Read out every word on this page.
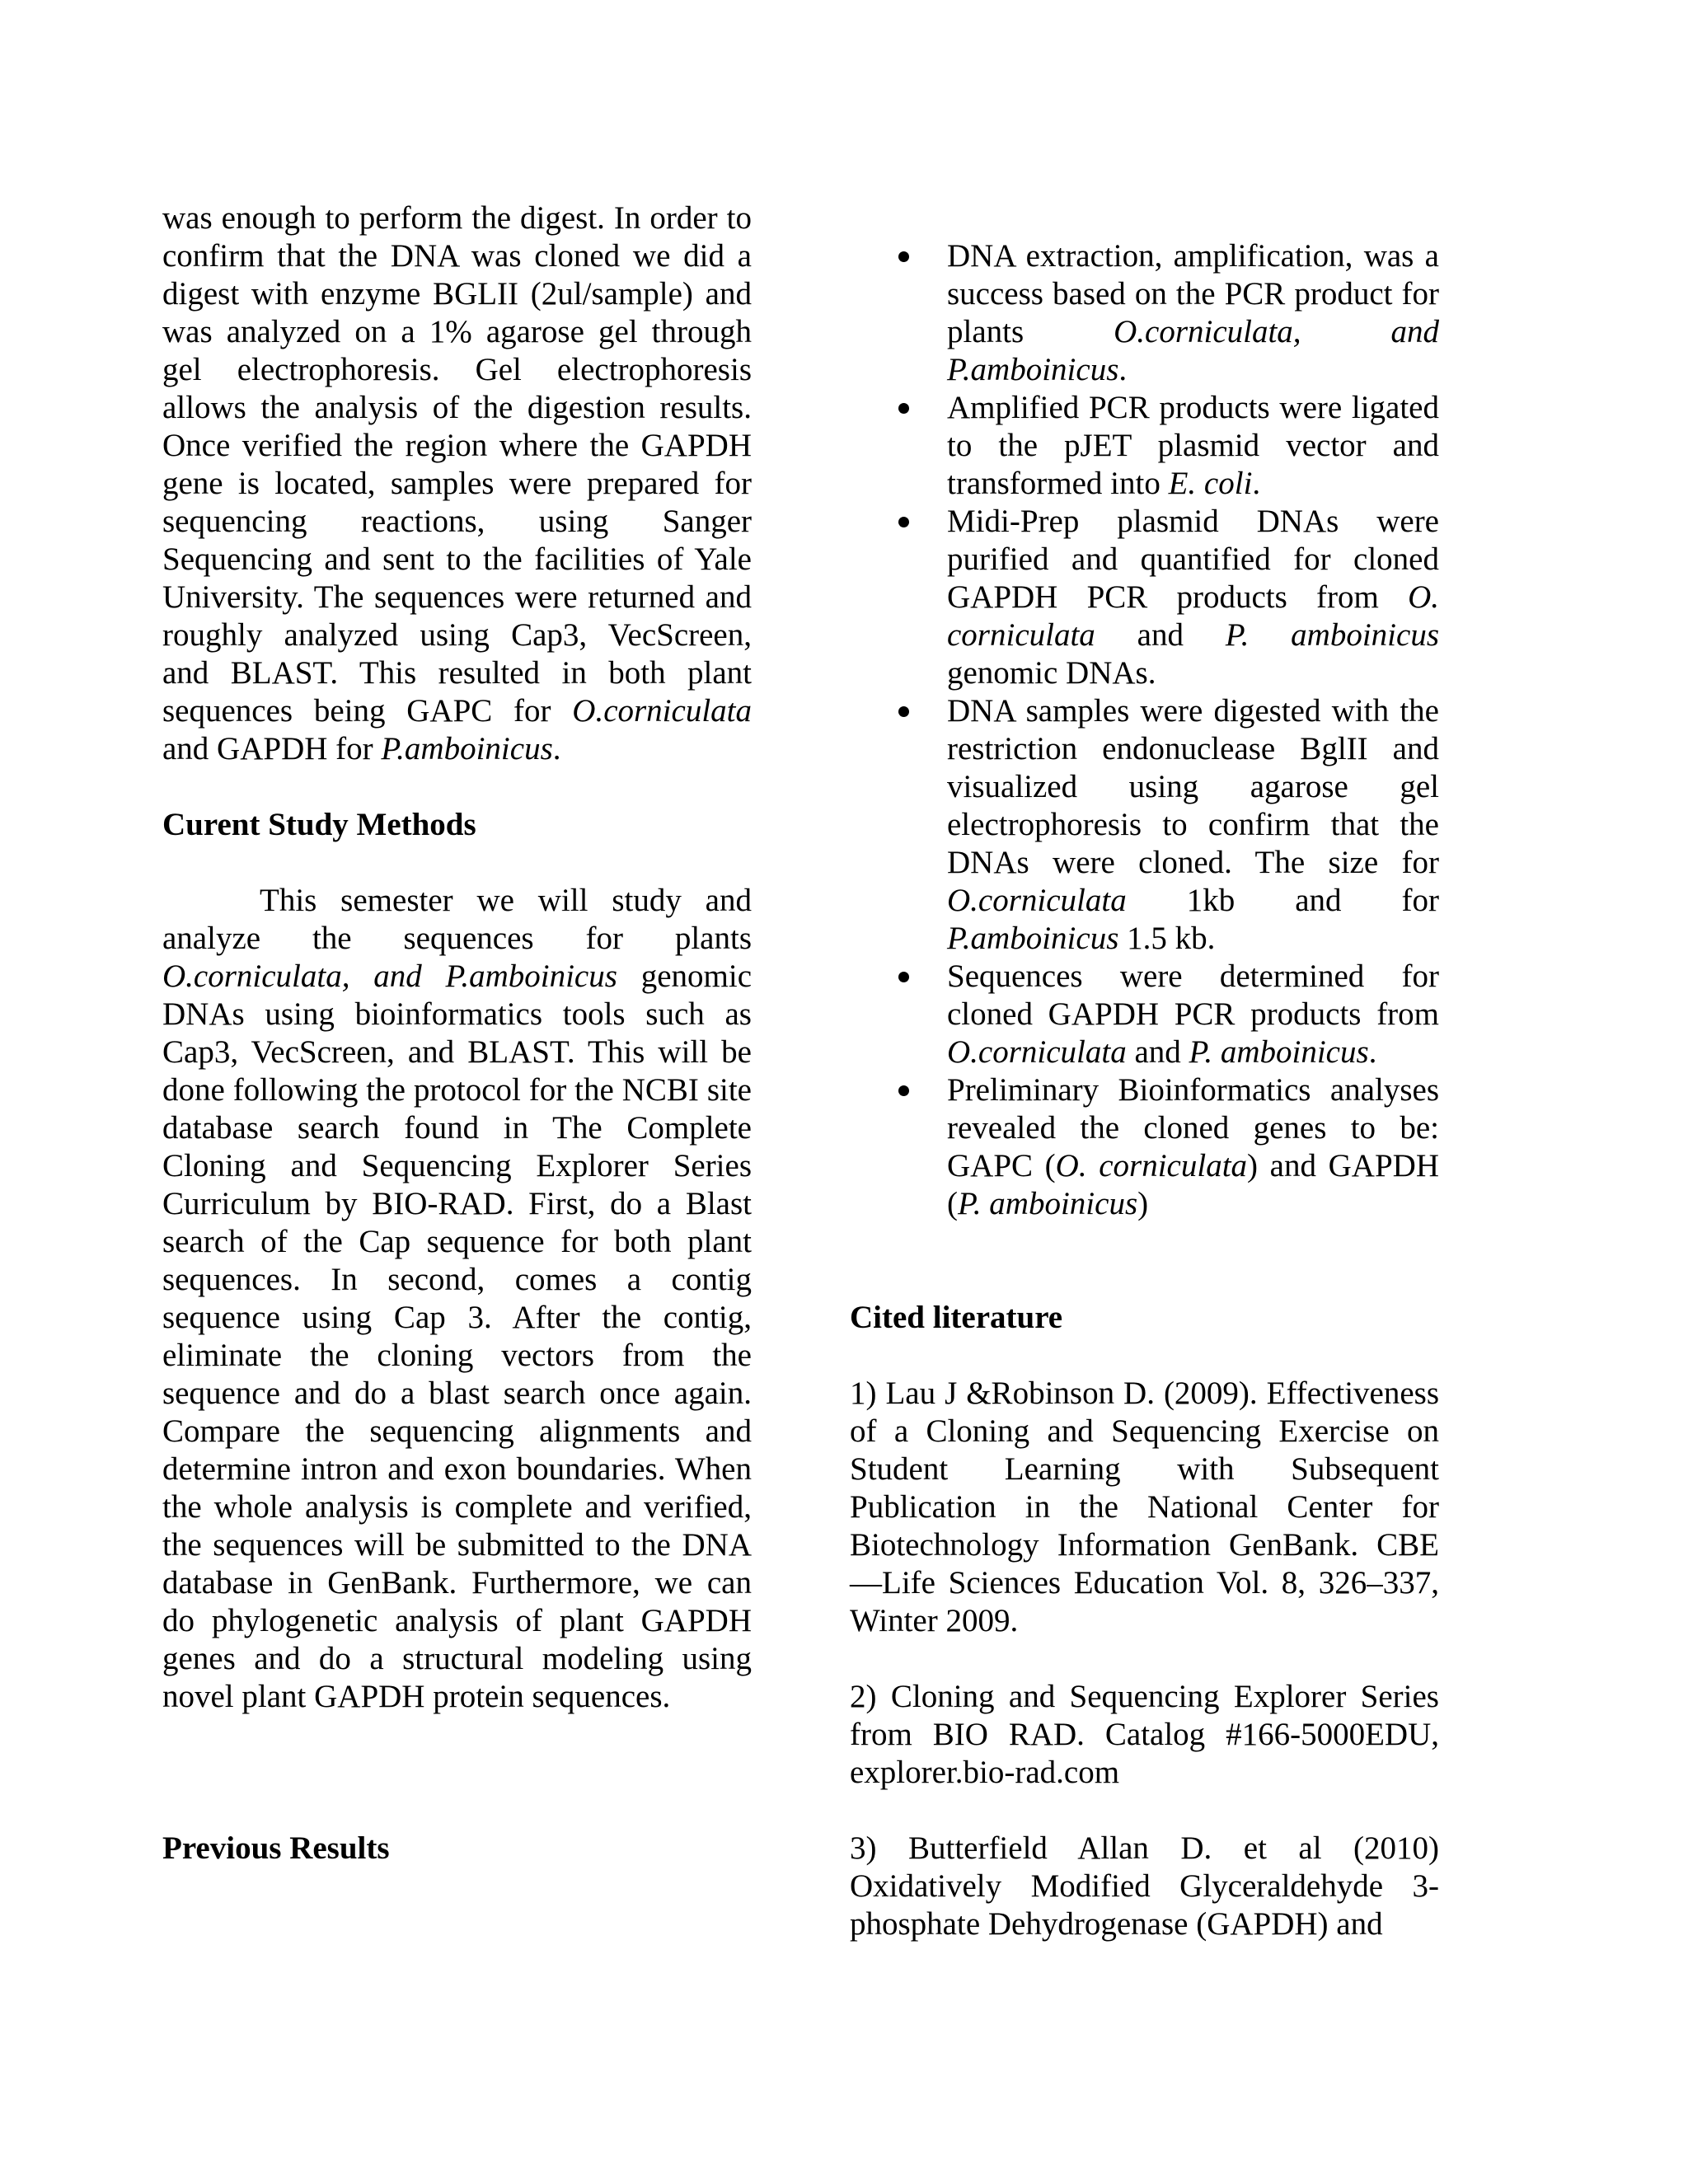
was enough to perform the digest. In order to confirm that the DNA was cloned we did a digest with enzyme BGLII (2ul/sample) and was analyzed on a 1% agarose gel through gel electrophoresis. Gel electrophoresis allows the analysis of the digestion results. Once verified the region where the GAPDH gene is located, samples were prepared for sequencing reactions, using Sanger Sequencing and sent to the facilities of Yale University. The sequences were returned and roughly analyzed using Cap3, VecScreen, and BLAST. This resulted in both plant sequences being GAPC for O.corniculata and GAPDH for P.amboinicus.

Curent Study Methods

This semester we will study and analyze the sequences for plants O.corniculata, and P.amboinicus genomic DNAs using bioinformatics tools such as Cap3, VecScreen, and BLAST. This will be done following the protocol for the NCBI site database search found in The Complete Cloning and Sequencing Explorer Series Curriculum by BIO-RAD. First, do a Blast search of the Cap sequence for both plant sequences. In second, comes a contig sequence using Cap 3. After the contig, eliminate the cloning vectors from the sequence and do a blast search once again. Compare the sequencing alignments and determine intron and exon boundaries. When the whole analysis is complete and verified, the sequences will be submitted to the DNA database in GenBank. Furthermore, we can do phylogenetic analysis of plant GAPDH genes and do a structural modeling using novel plant GAPDH protein sequences.

Previous Results

DNA extraction, amplification, was a success based on the PCR product for plants O.corniculata, and P.amboinicus.
Amplified PCR products were ligated to the pJET plasmid vector and transformed into E. coli.
Midi-Prep plasmid DNAs were purified and quantified for cloned GAPDH PCR products from O. corniculata and P. amboinicus genomic DNAs.
DNA samples were digested with the restriction endonuclease BglII and visualized using agarose gel electrophoresis to confirm that the DNAs were cloned. The size for O.corniculata 1kb and for P.amboinicus 1.5 kb.
Sequences were determined for cloned GAPDH PCR products from O.corniculata and P. amboinicus.
Preliminary Bioinformatics analyses revealed the cloned genes to be: GAPC (O. corniculata) and GAPDH (P. amboinicus)

Cited literature

1) Lau J &Robinson D. (2009). Effectiveness of a Cloning and Sequencing Exercise on Student Learning with Subsequent Publication in the National Center for Biotechnology Information GenBank. CBE—Life Sciences Education Vol. 8, 326–337, Winter 2009.

2) Cloning and Sequencing Explorer Series from BIO RAD. Catalog #166-5000EDU, explorer.bio-rad.com

3) Butterfield Allan D. et al (2010) Oxidatively Modified Glyceraldehyde 3-phosphate Dehydrogenase (GAPDH) and
